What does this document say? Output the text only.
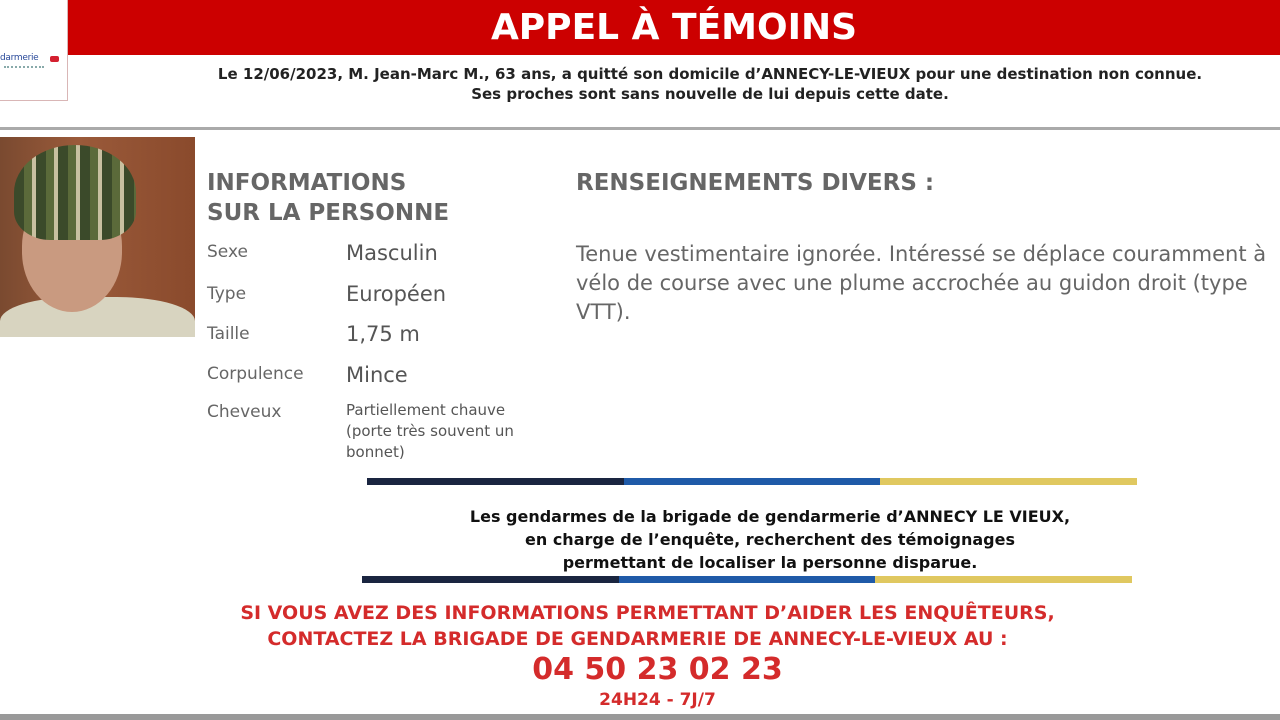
darmerie
APPEL À TÉMOINS
Le 12/06/2023, M. Jean-Marc M., 63 ans, a quitté son domicile d’ANNECY-LE-VIEUX pour une destination non connue.
Ses proches sont sans nouvelle de lui depuis cette date.
INFORMATIONS
SUR LA PERSONNE
Sexe	Masculin
Type	Européen
Taille	1,75 m
Corpulence Mince
Cheveux	Partiellement chauve (porte très souvent un bonnet)
RENSEIGNEMENTS DIVERS :
Tenue vestimentaire ignorée. Intéressé se déplace couramment à vélo de course avec une plume accrochée au guidon droit (type VTT).
Les gendarmes de la brigade de gendarmerie d’ANNECY LE VIEUX,
en charge de l’enquête, recherchent des témoignages
permettant de localiser la personne disparue.
SI VOUS AVEZ DES INFORMATIONS PERMETTANT D’AIDER LES ENQUÊTEURS,
CONTACTEZ LA BRIGADE DE GENDARMERIE DE ANNECY-LE-VIEUX AU :
04 50 23 02 23
24H24 - 7J/7
